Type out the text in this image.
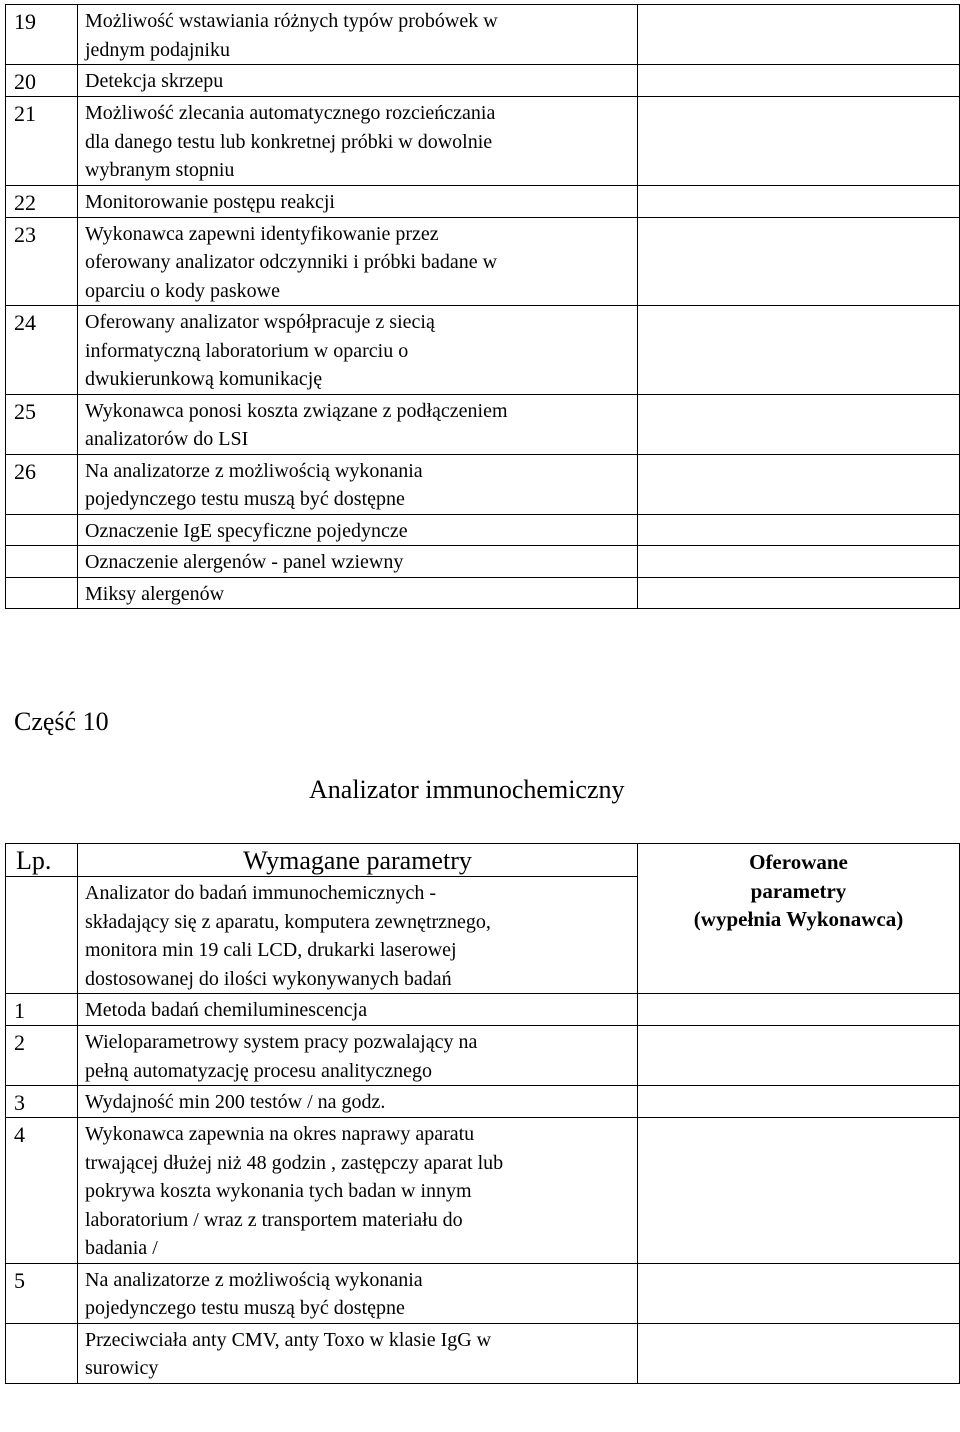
19	Możliwość wstawiania różnych typów probówek w
jednym podajniku	

20	Detekcja skrzepu	

21	Możliwość zlecania automatycznego rozcieńczania
dla danego testu lub konkretnej próbki w dowolnie
wybranym stopniu	

22	Monitorowanie postępu reakcji	

23	Wykonawca zapewni identyfikowanie przez
oferowany analizator odczynniki i próbki badane w
oparciu o kody paskowe	

24	Oferowany analizator współpracuje z siecią
informatyczną laboratorium w oparciu o
dwukierunkową komunikację	

25	Wykonawca ponosi koszta związane z podłączeniem
analizatorów do LSI	

26	Na analizatorze z możliwością wykonania
pojedynczego testu muszą być dostępne	

	Oznaczenie IgE specyficzne pojedyncze	

	Oznaczenie alergenów - panel wziewny	

	Miksy alergenów	

Część 10
Analizator immunochemiczny
Lp.	Wymagane parametry	Oferowane
parametry
(wypełnia Wykonawca)

	Analizator do badań immunochemicznych -
składający się z aparatu, komputera zewnętrznego,
monitora min 19 cali LCD, drukarki laserowej
dostosowanej do ilości wykonywanych badań	

1	Metoda badań chemiluminescencja	

2	Wieloparametrowy system pracy pozwalający na
pełną automatyzację procesu analitycznego	

3	Wydajność min 200 testów / na godz.	

4	Wykonawca zapewnia na okres naprawy aparatu
trwającej dłużej niż 48 godzin , zastępczy aparat lub
pokrywa koszta wykonania tych badan w innym
laboratorium / wraz z transportem materiału do
badania /	

5	Na analizatorze z możliwością wykonania
pojedynczego testu muszą być dostępne	

	Przeciwciała anty CMV, anty Toxo w klasie IgG w
surowicy	
